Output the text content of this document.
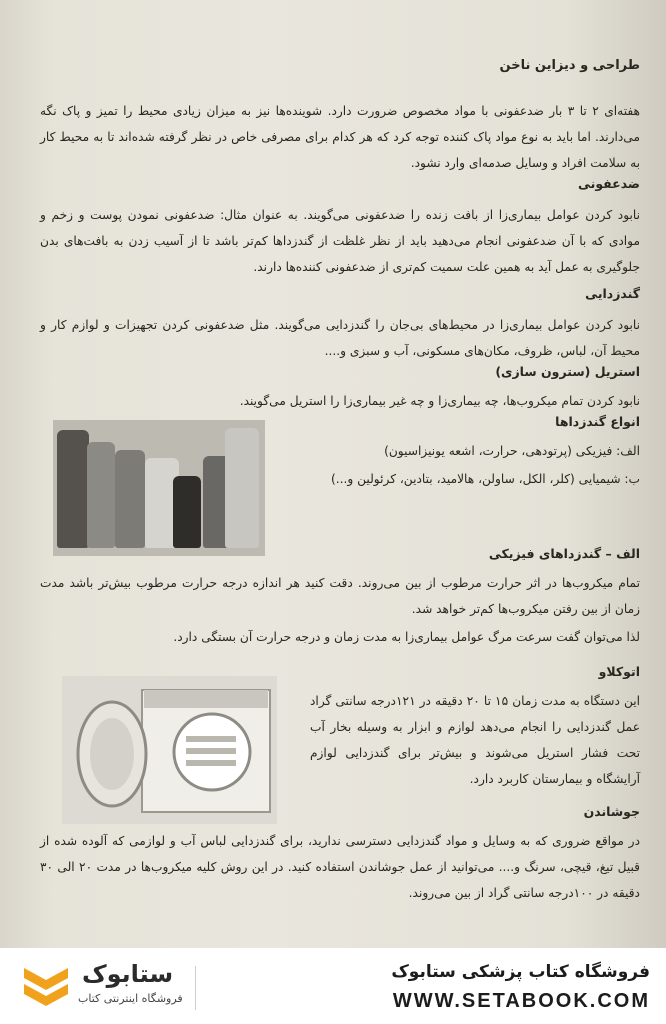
طراحی و دیزاین ناخن

هفته‌ای ۲ تا ۳ بار ضدعفونی با مواد مخصوص ضرورت دارد. شوینده‌ها نیز به میزان زیادی محیط را تمیز و پاک نگه می‌دارند. اما باید به نوع مواد پاک کننده توجه کرد که هر کدام برای مصرفی خاص در نظر گرفته شده‌اند تا به محیط کار به سلامت افراد و وسایل صدمه‌ای وارد نشود.

ضدعفونی

نابود کردن عوامل بیماری‌زا از بافت زنده را ضدعفونی می‌گویند. به عنوان مثال: ضدعفونی نمودن پوست و زخم و موادی که با آن ضدعفونی انجام می‌دهید باید از نظر غلظت از گندزداها کم‌تر باشد تا از آسیب زدن به بافت‌های بدن جلوگیری به عمل آید به همین علت سمیت کم‌تری از ضدعفونی کننده‌ها دارند.

گندزدایی

نابود کردن عوامل بیماری‌زا در محیط‌های بی‌جان را گندزدایی می‌گویند. مثل ضدعفونی کردن تجهیزات و لوازم کار و محیط آن، لباس، ظروف، مکان‌های مسکونی، آب و سبزی و....

استریل (سترون سازی)

نابود کردن تمام میکروب‌ها، چه بیماری‌زا و چه غیر بیماری‌زا را استریل می‌گویند.

انواع گندزداها

الف: فیزیکی (پرتودهی، حرارت، اشعه یونیزاسیون)

ب: شیمیایی (کلر، الکل، ساولن، هالامید، بتادین، کرئولین و...)

الف – گندزداهای فیزیکی

تمام میکروب‌ها در اثر حرارت مرطوب از بین می‌روند. دقت کنید هر اندازه درجه حرارت مرطوب بیش‌تر باشد مدت زمان از بین رفتن میکروب‌ها کم‌تر خواهد شد.

لذا می‌توان گفت سرعت مرگ عوامل بیماری‌زا به مدت زمان و درجه حرارت آن بستگی دارد.

اتوکلاو

این دستگاه به مدت زمان ۱۵ تا ۲۰ دقیقه در ۱۲۱درجه سانتی گراد عمل گندزدایی را انجام می‌دهد لوازم و ابزار به وسیله بخار آب تحت فشار استریل می‌شوند و بیش‌تر برای گندزدایی لوازم آرایشگاه و بیمارستان کاربرد دارد.

جوشاندن

در مواقع ضروری که به وسایل و مواد گندزدایی دسترسی ندارید، برای گندزدایی لباس آب و لوازمی که آلوده شده از قبیل تیغ، قیچی، سرنگ و.... می‌توانید از عمل جوشاندن استفاده کنید. در این روش کلیه میکروب‌ها در مدت ۲۰ الی ۳۰ دقیقه در ۱۰۰درجه سانتی گراد از بین می‌روند.

ستابوک
فروشگاه اینترنتی کتاب
فروشگاه کتاب پزشکی ستابوک
WWW.SETABOOK.COM
